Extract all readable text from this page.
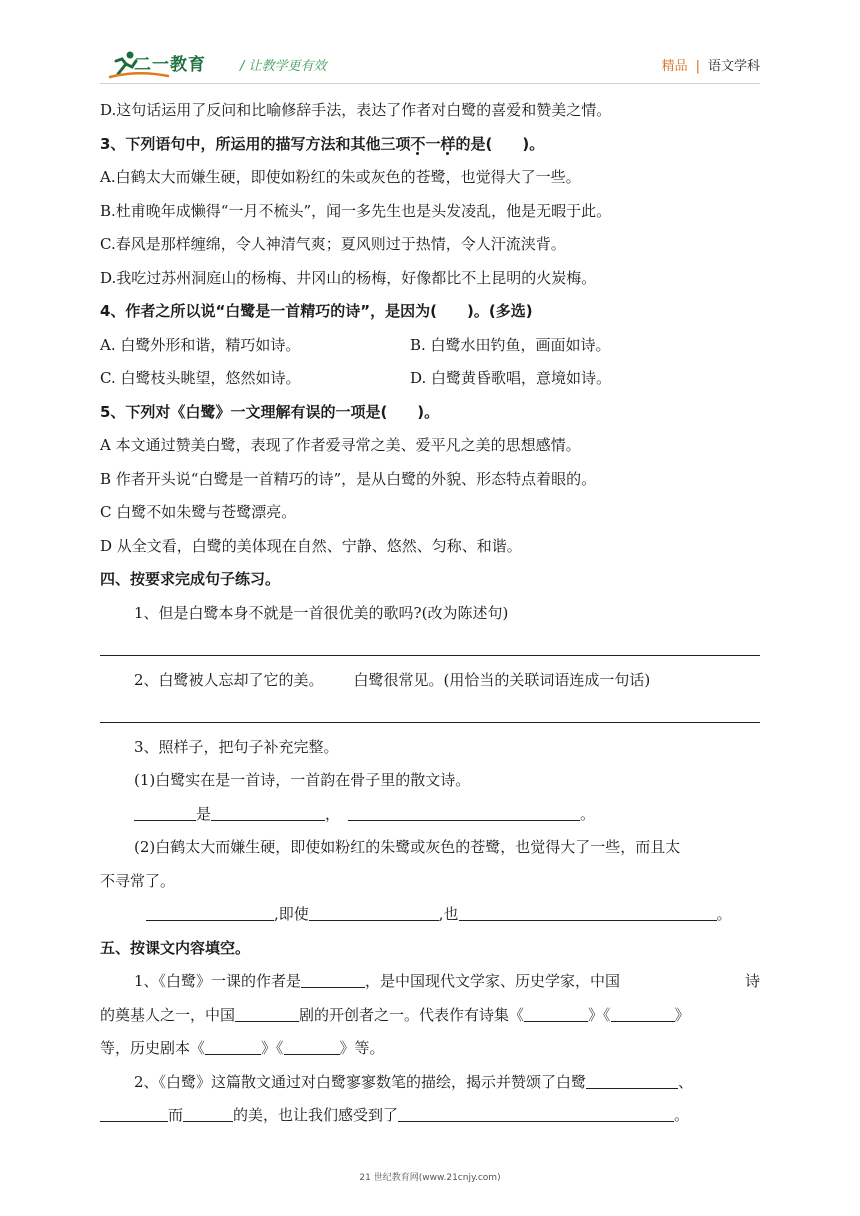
二一教育	/ 让教学更有效	精品 | 语文学科
D.这句话运用了反问和比喻修辞手法，表达了作者对白鹭的喜爱和赞美之情。
3、下列语句中，所运用的描写方法和其他三项不一样的是(　　)。
A.白鹤太大而嫌生硬，即使如粉红的朱或灰色的苍鹭，也觉得大了一些。
B.杜甫晚年成懒得“一月不梳头”，闻一多先生也是头发凌乱，他是无暇于此。
C.春风是那样缠绵，令人神清气爽；夏风则过于热情，令人汗流浃背。
D.我吃过苏州洞庭山的杨梅、井冈山的杨梅，好像都比不上昆明的火炭梅。
4、作者之所以说“白鹭是一首精巧的诗”，是因为(　　)。(多选)
A. 白鹭外形和谐，精巧如诗。	B. 白鹭水田钓鱼，画面如诗。
C. 白鹭枝头眺望，悠然如诗。	D. 白鹭黄昏歌唱，意境如诗。
5、下列对《白鹭》一文理解有误的一项是(　　)。
A 本文通过赞美白鹭，表现了作者爱寻常之美、爱平凡之美的思想感情。
B 作者开头说“白鹭是一首精巧的诗”，是从白鹭的外貌、形态特点着眼的。
C 白鹭不如朱鹭与苍鹭漂亮。
D 从全文看，白鹭的美体现在自然、宁静、悠然、匀称、和谐。
四、按要求完成句子练习。
1、但是白鹭本身不就是一首很优美的歌吗?(改为陈述句)
2、白鹭被人忘却了它的美。 白鹭很常见。(用恰当的关联词语连成一句话)
3、照样子，把句子补充完整。
(1)白鹭实在是一首诗，一首韵在骨子里的散文诗。
是	，	。
(2)白鹤太大而嫌生硬，即使如粉红的朱鹭或灰色的苍鹭，也觉得大了一些，而且太
不寻常了。
,即使	,也	。
五、按课文内容填空。
1、《白鹭》一课的作者是	，是中国现代文学家、历史学家，中国	诗
的奠基人之一，中国	剧的开创者之一。代表作有诗集《	》《	》
等，历史剧本《	》《	》等。
2、《白鹭》这篇散文通过对白鹭寥寥数笔的描绘，揭示并赞颂了白鹭	、
而	的美，也让我们感受到了	。
21 世纪教育网(www.21cnjy.com)
